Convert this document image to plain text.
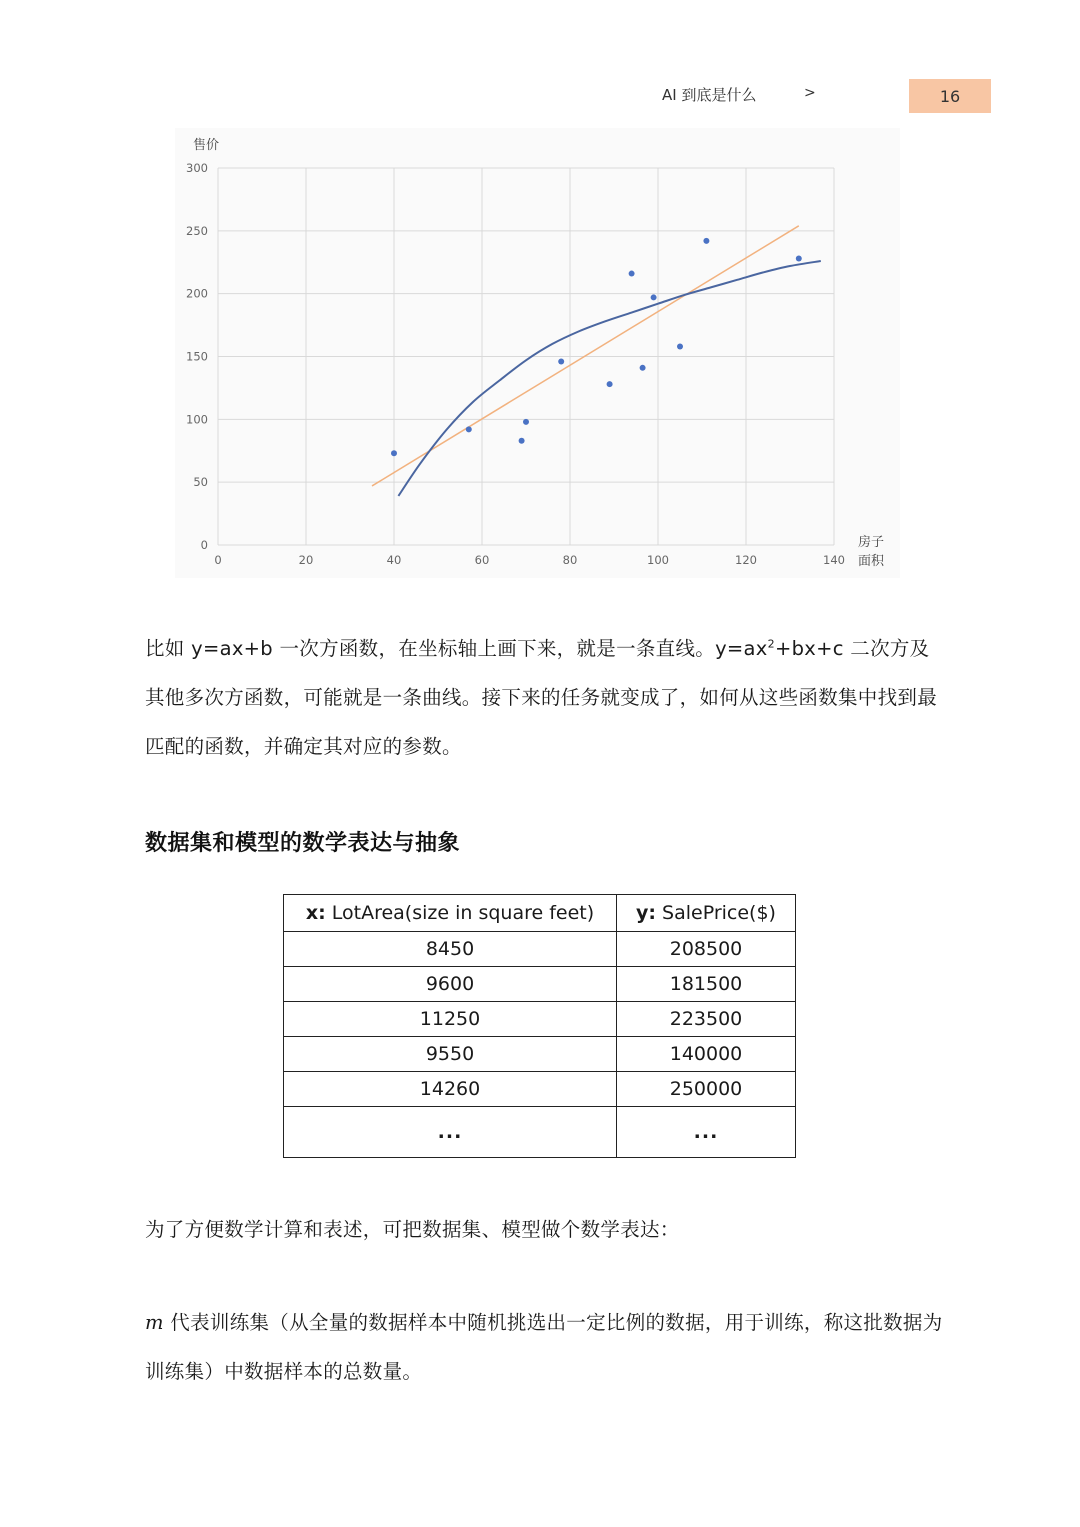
AI 到底是什么	>	16
0	20	40	60	80	100	120	140
0
50
100
150
200
250
300
售价
房子
面积
比如 y=ax+b 一次方函数，在坐标轴上画下来，就是一条直线。$y=ax^2+bx+c$ 二次方及其他多次方函数，可能就是一条曲线。接下来的任务就变成了，如何从这些函数集中找到最匹配的函数，并确定其对应的参数。
数据集和模型的数学表达与抽象
x: LotArea(size in square feet)	y: SalePrice($)
8450	208500
9600	181500
11250	223500
9550	140000
14260	250000
...	...
为了方便数学计算和表述，可把数据集、模型做个数学表达：
m 代表训练集（从全量的数据样本中随机挑选出一定比例的数据，用于训练，称这批数据为训练集）中数据样本的总数量。
